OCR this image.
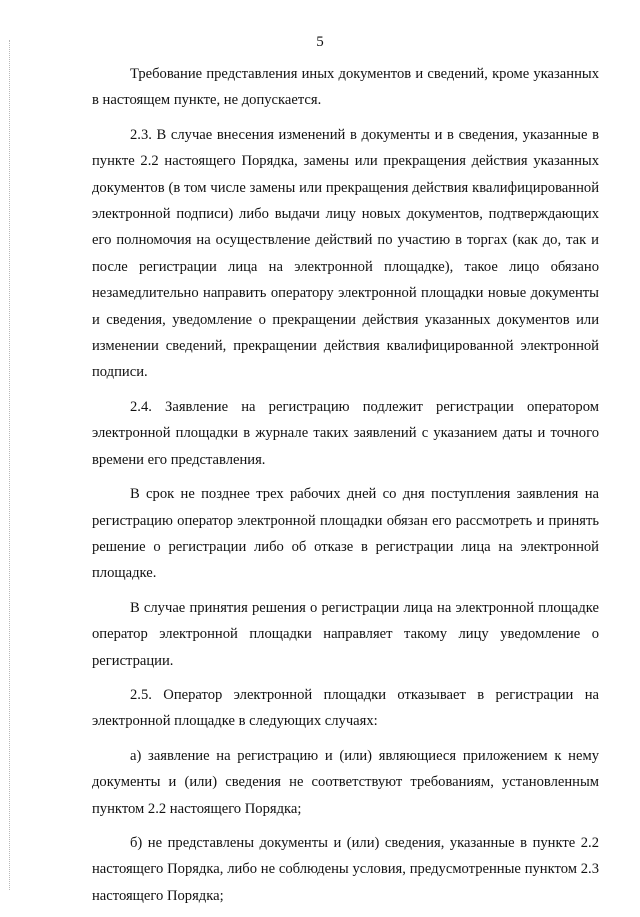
5

Требование представления иных документов и сведений, кроме указанных в настоящем пункте, не допускается.

2.3. В случае внесения изменений в документы и в сведения, указанные в пункте 2.2 настоящего Порядка, замены или прекращения действия указанных документов (в том числе замены или прекращения действия квалифицированной электронной подписи) либо выдачи лицу новых документов, подтверждающих его полномочия на осуществление действий по участию в торгах (как до, так и после регистрации лица на электронной площадке), такое лицо обязано незамедлительно направить оператору электронной площадки новые документы и сведения, уведомление о прекращении действия указанных документов или изменении сведений, прекращении действия квалифицированной электронной подписи.

2.4. Заявление на регистрацию подлежит регистрации оператором электронной площадки в журнале таких заявлений с указанием даты и точного времени его представления.

В срок не позднее трех рабочих дней со дня поступления заявления на регистрацию оператор электронной площадки обязан его рассмотреть и принять решение о регистрации либо об отказе в регистрации лица на электронной площадке.

В случае принятия решения о регистрации лица на электронной площадке оператор электронной площадки направляет такому лицу уведомление о регистрации.

2.5. Оператор электронной площадки отказывает в регистрации на электронной площадке в следующих случаях:

а) заявление на регистрацию и (или) являющиеся приложением к нему документы и (или) сведения не соответствуют требованиям, установленным пунктом 2.2 настоящего Порядка;

б) не представлены документы и (или) сведения, указанные в пункте 2.2 настоящего Порядка, либо не соблюдены условия, предусмотренные пунктом 2.3 настоящего Порядка;
